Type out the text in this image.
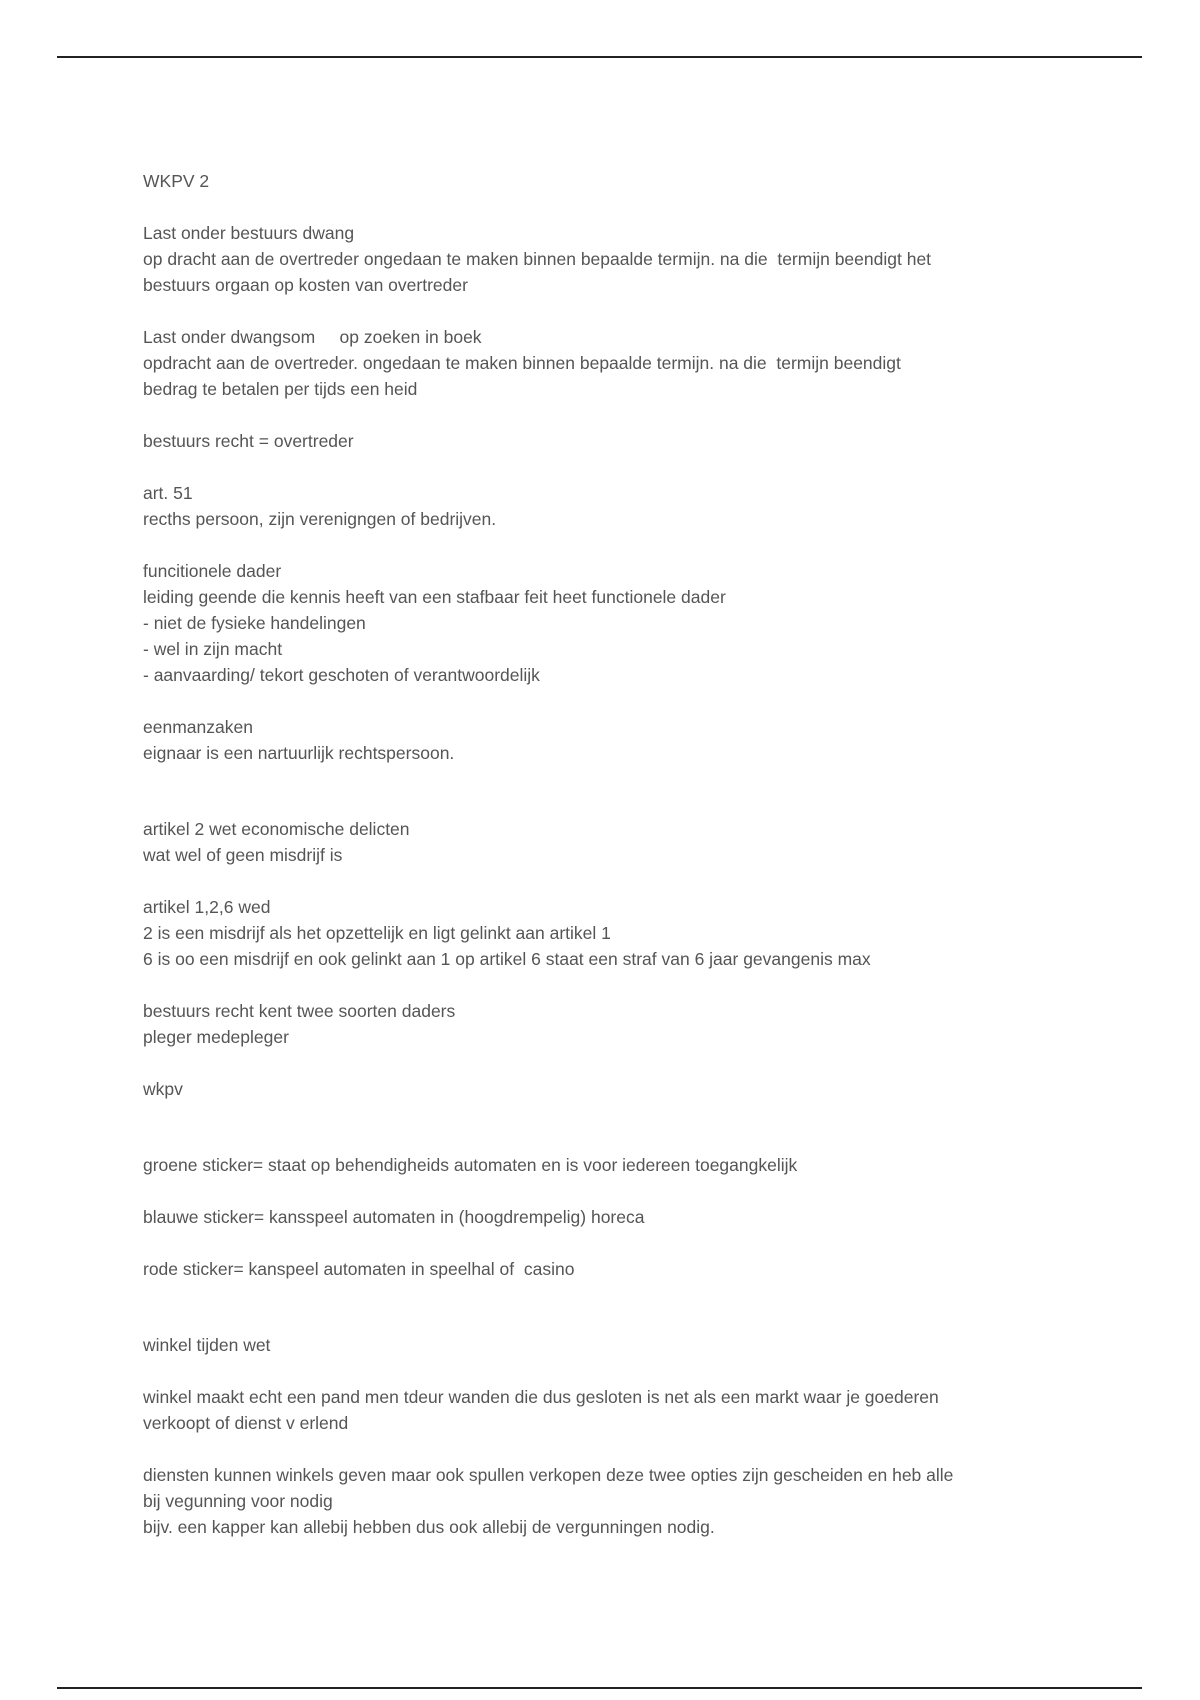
WKPV 2

Last onder bestuurs dwang

op dracht aan de overtreder ongedaan te maken binnen bepaalde termijn. na die  termijn beendigt het

bestuurs orgaan op kosten van overtreder

Last onder dwangsom     op zoeken in boek

opdracht aan de overtreder. ongedaan te maken binnen bepaalde termijn. na die  termijn beendigt

bedrag te betalen per tijds een heid

bestuurs recht = overtreder

art. 51

recths persoon, zijn verenigngen of bedrijven.

funcitionele dader

leiding geende die kennis heeft van een stafbaar feit heet functionele dader

- niet de fysieke handelingen

- wel in zijn macht

- aanvaarding/ tekort geschoten of verantwoordelijk

eenmanzaken

eignaar is een nartuurlijk rechtspersoon.

artikel 2 wet economische delicten

wat wel of geen misdrijf is

artikel 1,2,6 wed

2 is een misdrijf als het opzettelijk en ligt gelinkt aan artikel 1

6 is oo een misdrijf en ook gelinkt aan 1 op artikel 6 staat een straf van 6 jaar gevangenis max

bestuurs recht kent twee soorten daders

pleger medepleger

wkpv

groene sticker= staat op behendigheids automaten en is voor iedereen toegangkelijk

blauwe sticker= kansspeel automaten in (hoogdrempelig) horeca

rode sticker= kanspeel automaten in speelhal of  casino

winkel tijden wet

winkel maakt echt een pand men tdeur wanden die dus gesloten is net als een markt waar je goederen

verkoopt of dienst v erlend

diensten kunnen winkels geven maar ook spullen verkopen deze twee opties zijn gescheiden en heb alle

bij vegunning voor nodig

bijv. een kapper kan allebij hebben dus ook allebij de vergunningen nodig.
